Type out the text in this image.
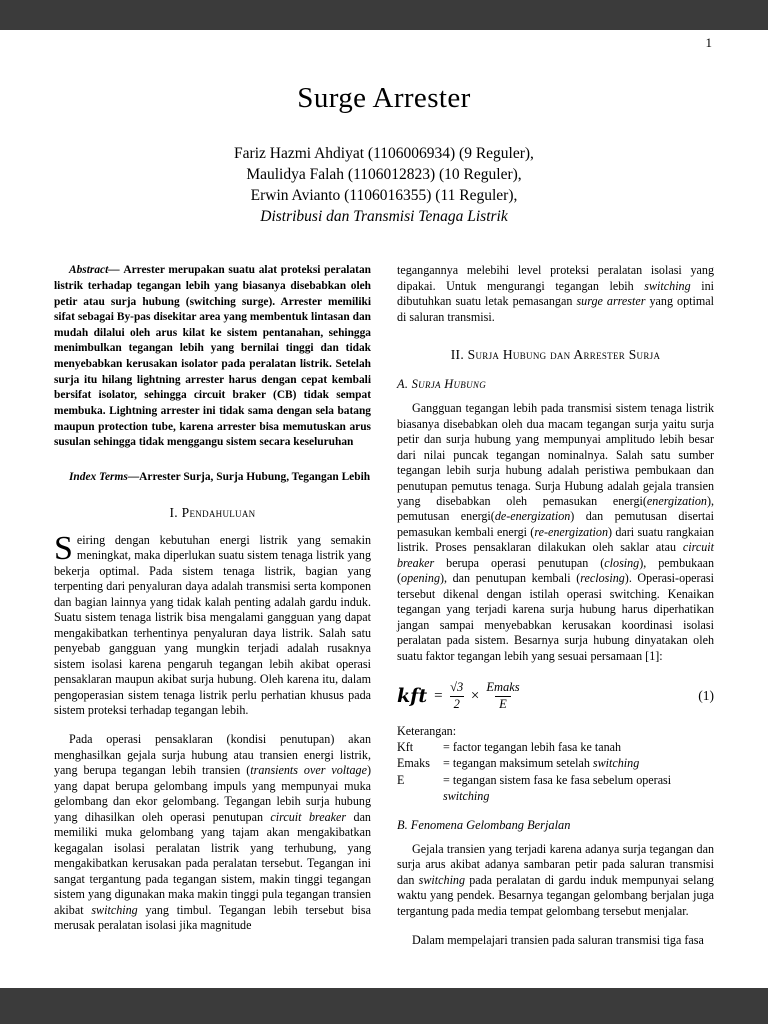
1
Surge Arrester
Fariz Hazmi Ahdiyat (1106006934) (9 Reguler),
Maulidya Falah (1106012823) (10 Reguler),
Erwin Avianto (1106016355) (11 Reguler),
Distribusi dan Transmisi Tenaga Listrik

Abstract— Arrester merupakan suatu alat proteksi peralatan listrik terhadap tegangan lebih yang biasanya disebabkan oleh petir atau surja hubung (switching surge). Arrester memiliki sifat sebagai By-pas disekitar area yang membentuk lintasan dan mudah dilalui oleh arus kilat ke sistem pentanahan, sehingga menimbulkan tegangan lebih yang bernilai tinggi dan tidak menyebabkan kerusakan isolator pada peralatan listrik. Setelah surja itu hilang lightning arrester harus dengan cepat kembali bersifat isolator, sehingga circuit braker (CB) tidak sempat membuka. Lightning arrester ini tidak sama dengan sela batang maupun protection tube, karena arrester bisa memutuskan arus susulan sehingga tidak menggangu sistem secara keseluruhan

Index Terms—Arrester Surja, Surja Hubung, Tegangan Lebih

I. Pendahuluan

Seiring dengan kebutuhan energi listrik yang semakin meningkat, maka diperlukan suatu sistem tenaga listrik yang bekerja optimal. Pada sistem tenaga listrik, bagian yang terpenting dari penyaluran daya adalah transmisi serta komponen dan bagian lainnya yang tidak kalah penting adalah gardu induk. Suatu sistem tenaga listrik bisa mengalami gangguan yang dapat mengakibatkan terhentinya penyaluran daya listrik. Salah satu penyebab gangguan yang mungkin terjadi adalah rusaknya sistem isolasi karena pengaruh tegangan lebih akibat operasi pensaklaran maupun akibat surja hubung. Oleh karena itu, dalam pengoperasian sistem tenaga listrik perlu perhatian khusus pada sistem proteksi terhadap tegangan lebih.

Pada operasi pensaklaran (kondisi penutupan) akan menghasilkan gejala surja hubung atau transien energi listrik, yang berupa tegangan lebih transien (transients over voltage) yang dapat berupa gelombang impuls yang mempunyai muka gelombang dan ekor gelombang. Tegangan lebih surja hubung yang dihasilkan oleh operasi penutupan circuit breaker dan memiliki muka gelombang yang tajam akan mengakibatkan kegagalan isolasi peralatan listrik yang terhubung, yang mengakibatkan kerusakan pada peralatan tersebut. Tegangan ini sangat tergantung pada tegangan sistem, makin tinggi tegangan sistem yang digunakan maka makin tinggi pula tegangan transien akibat switching yang timbul. Tegangan lebih tersebut bisa merusak peralatan isolasi jika magnitude

tegangannya melebihi level proteksi peralatan isolasi yang dipakai. Untuk mengurangi tegangan lebih switching ini dibutuhkan suatu letak pemasangan surge arrester yang optimal di saluran transmisi.

II. Surja Hubung dan Arrester Surja
A. Surja Hubung

Gangguan tegangan lebih pada transmisi sistem tenaga listrik biasanya disebabkan oleh dua macam tegangan surja yaitu surja petir dan surja hubung yang mempunyai amplitudo lebih besar dari nilai puncak tegangan nominalnya. Salah satu sumber tegangan lebih surja hubung adalah peristiwa pembukaan dan penutupan pemutus tenaga. Surja Hubung adalah gejala transien yang disebabkan oleh pemasukan energi(energization), pemutusan energi(de-energization) dan pemutusan disertai pemasukan kembali energi (re-energization) dari suatu rangkaian listrik. Proses pensaklaran dilakukan oleh saklar atau circuit breaker berupa operasi penutupan (closing), pembukaan (opening), dan penutupan kembali (reclosing). Operasi-operasi tersebut dikenal dengan istilah operasi switching. Kenaikan tegangan yang terjadi karena surja hubung harus diperhatikan jangan sampai menyebabkan kerusakan koordinasi isolasi peralatan pada sistem. Besarnya surja hubung dinyatakan oleh suatu faktor tegangan lebih yang sesuai persamaan [1]:

kft = $\frac{√3}{2} \times \frac{\text{Emaks}}{E}$	(1)
Keterangan:
Kft	= factor tegangan lebih fasa ke tanah
Emaks	= tegangan maksimum setelah switching
E	= tegangan sistem fasa ke fasa sebelum operasi switching
B. Fenomena Gelombang Berjalan

Gejala transien yang terjadi karena adanya surja tegangan dan surja arus akibat adanya sambaran petir pada saluran transmisi dan switching pada peralatan di gardu induk mempunyai selang waktu yang pendek. Besarnya tegangan gelombang berjalan juga tergantung pada media tempat gelombang tersebut menjalar.

Dalam mempelajari transien pada saluran transmisi tiga fasa
